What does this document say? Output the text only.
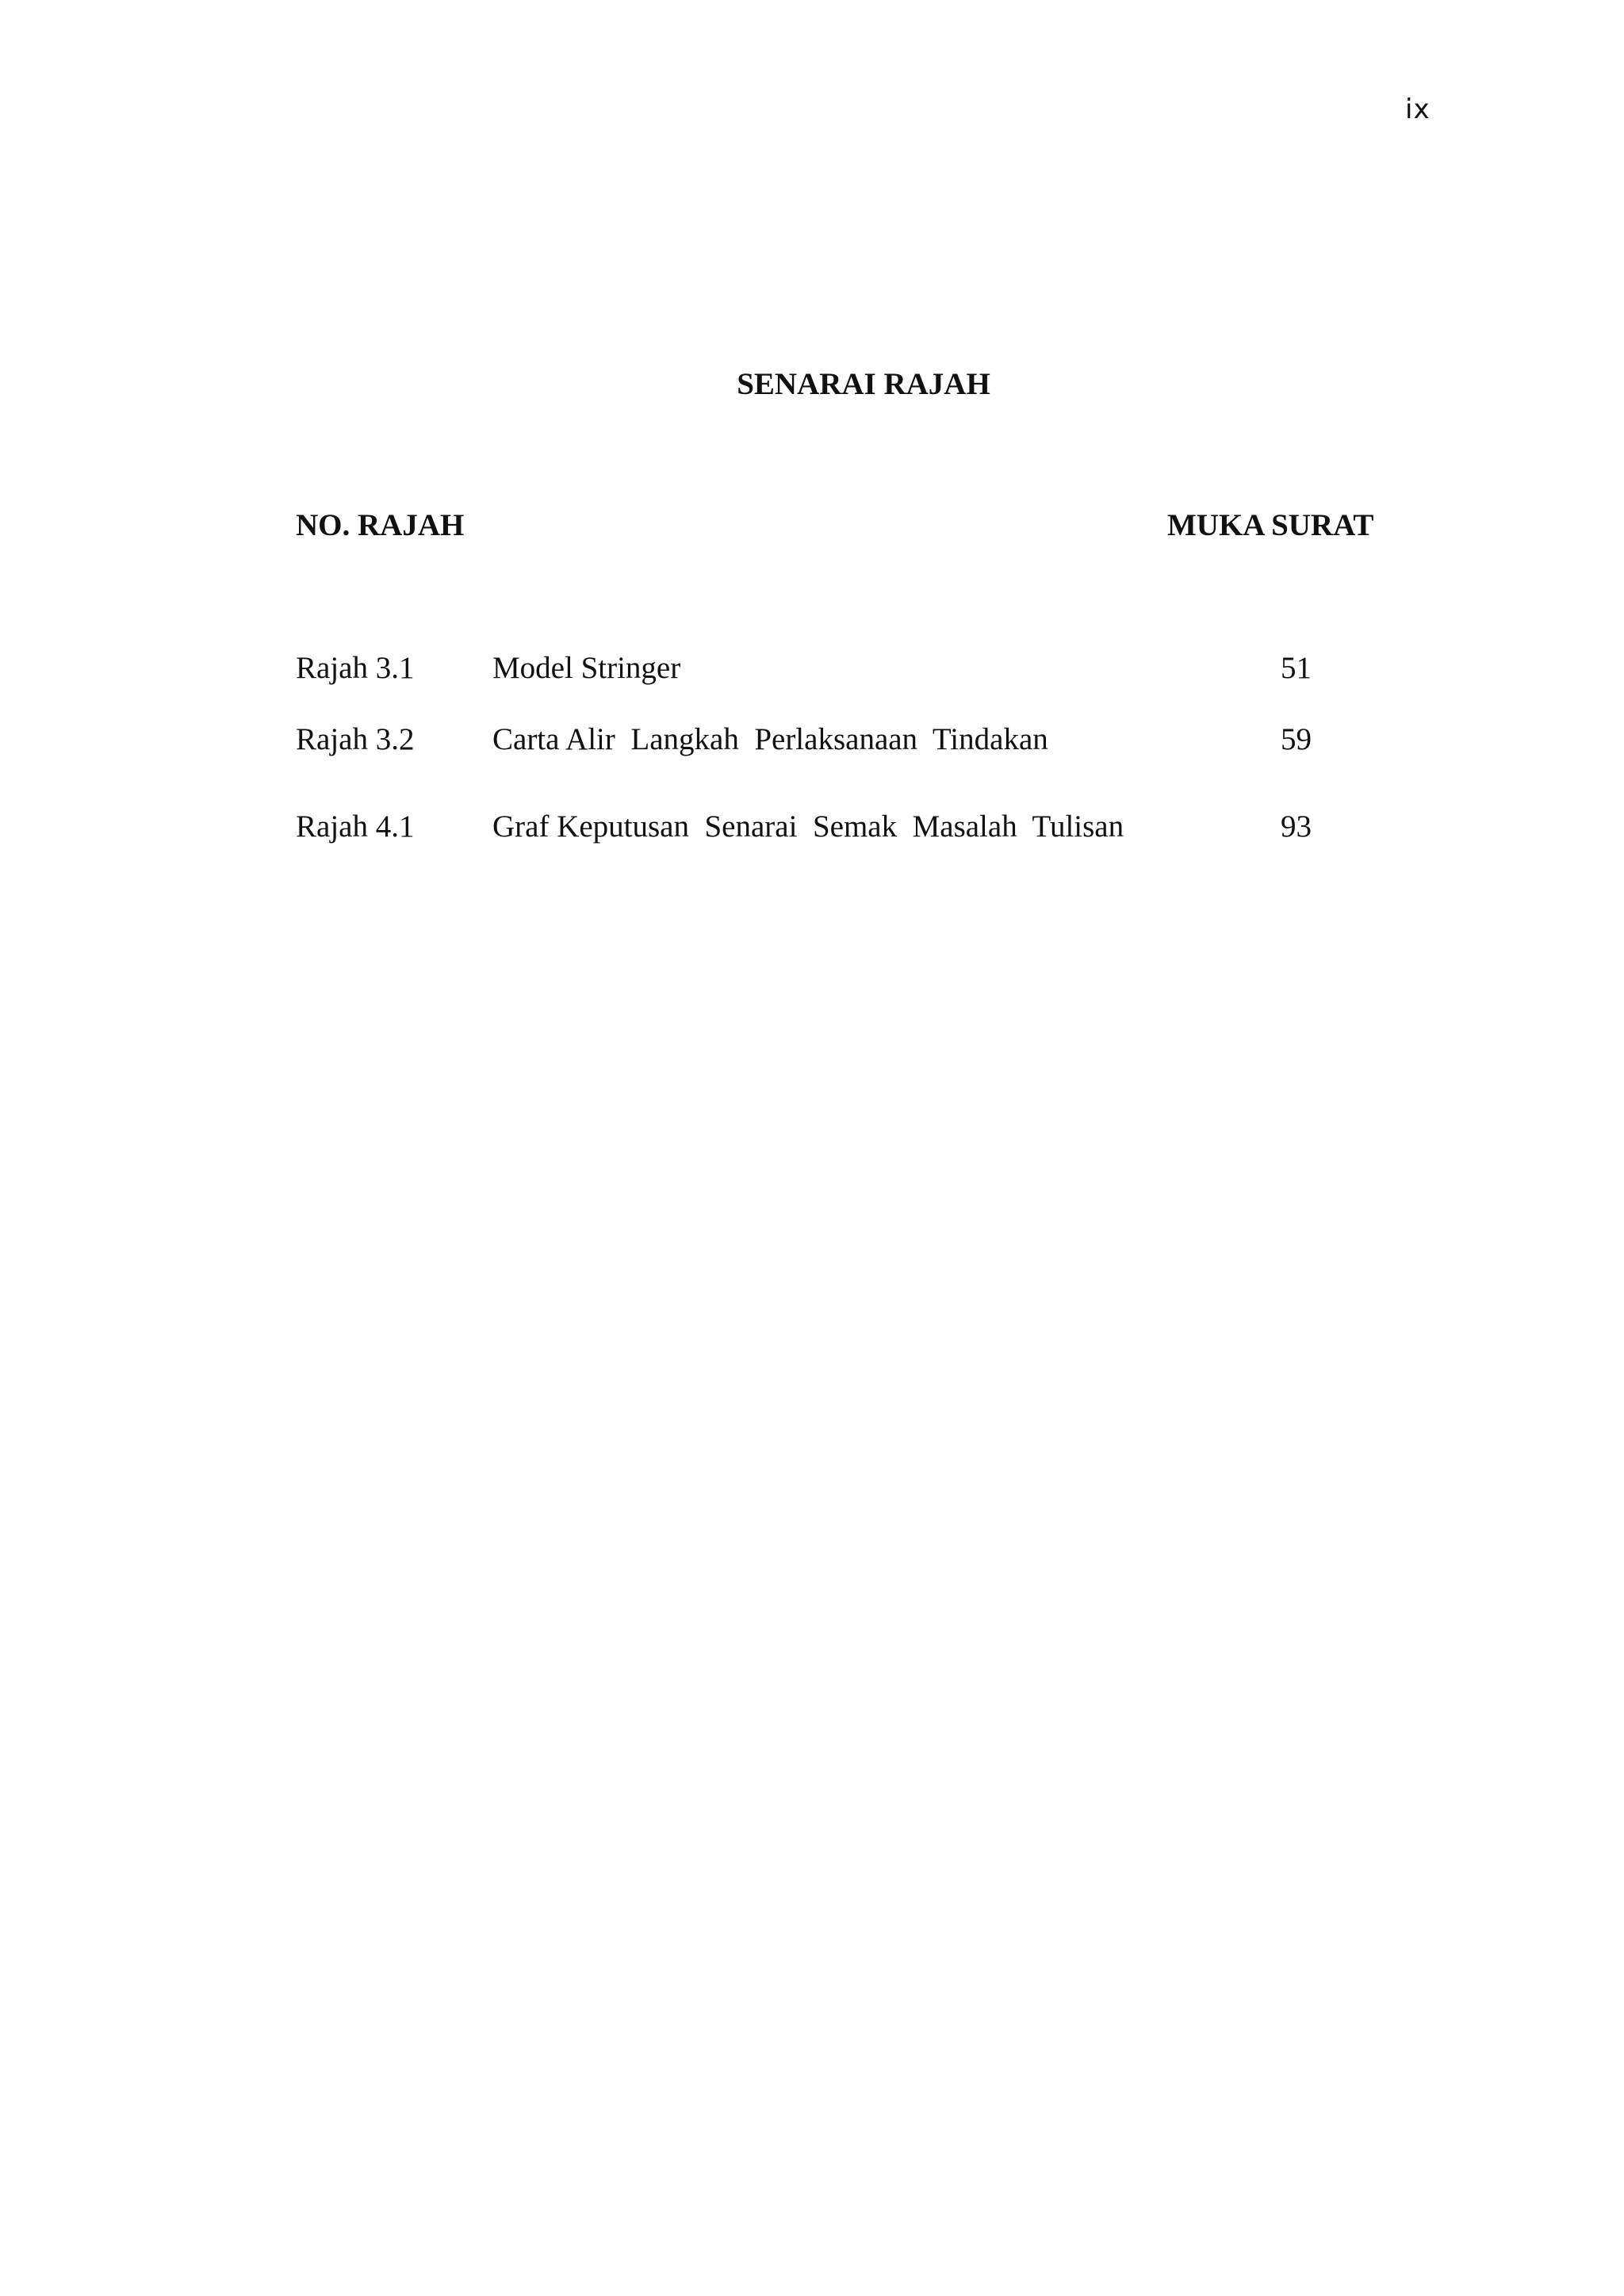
ix
SENARAI RAJAH
NO. RAJAH	MUKA SURAT
Rajah 3.1	Model Stringer	51
Rajah 3.2	Carta Alir  Langkah  Perlaksanaan  Tindakan	59
Rajah 4.1	Graf Keputusan  Senarai  Semak  Masalah  Tulisan	93
